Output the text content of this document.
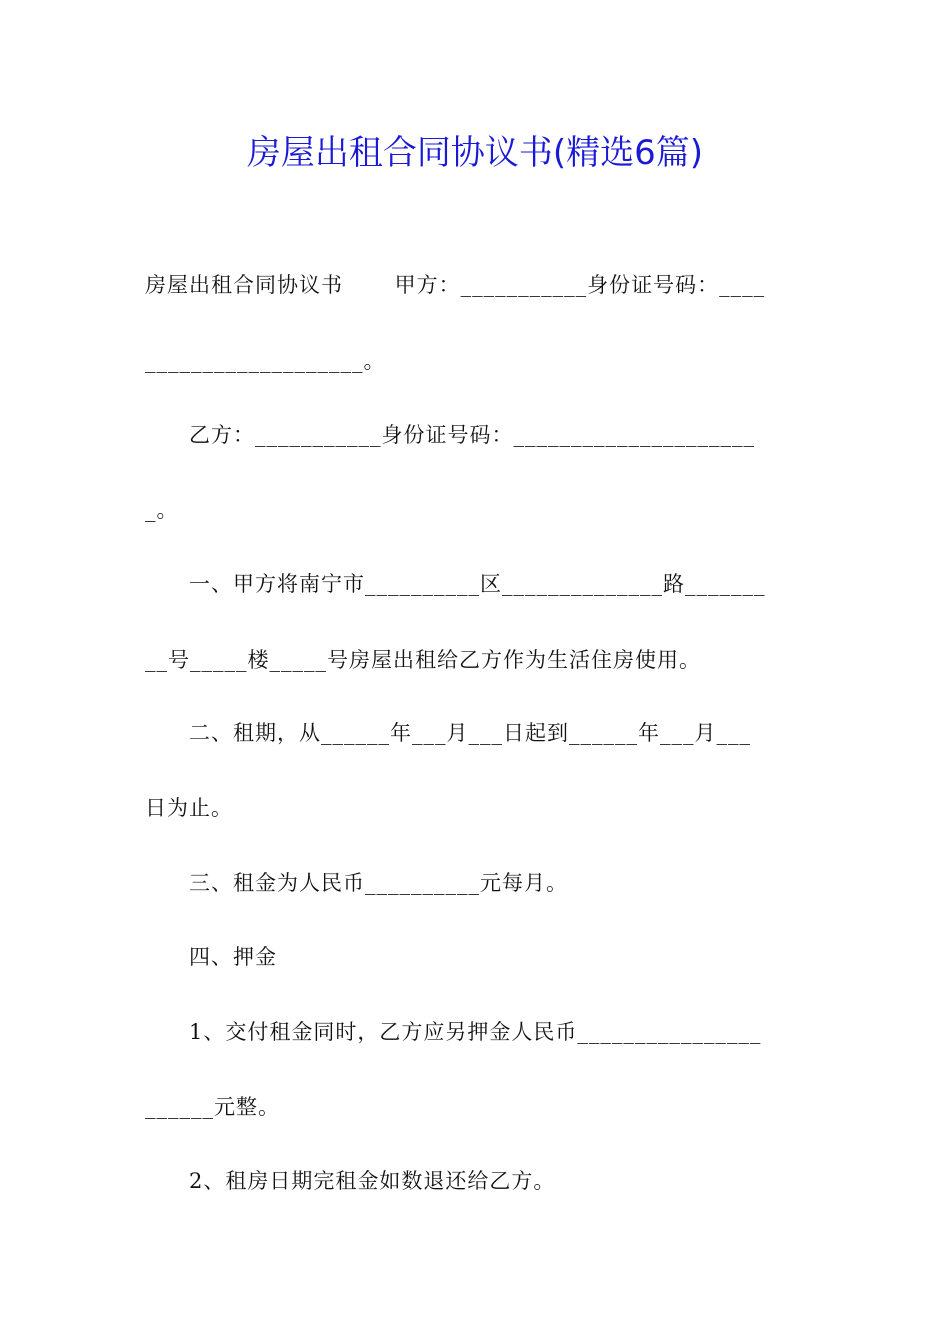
房屋出租合同协议书(精选6篇)
房屋出租合同协议书　　 甲方：___________身份证号码：____
___________________。
　　乙方：___________身份证号码：_____________________
_。
　　一、甲方将南宁市__________区______________路_______
__号_____楼_____号房屋出租给乙方作为生活住房使用。
　　二、租期，从______年___月___日起到______年___月___
日为止。
　　三、租金为人民币__________元每月。
　　四、押金
　　1、交付租金同时，乙方应另押金人民币________________
______元整。
　　2、租房日期完租金如数退还给乙方。
